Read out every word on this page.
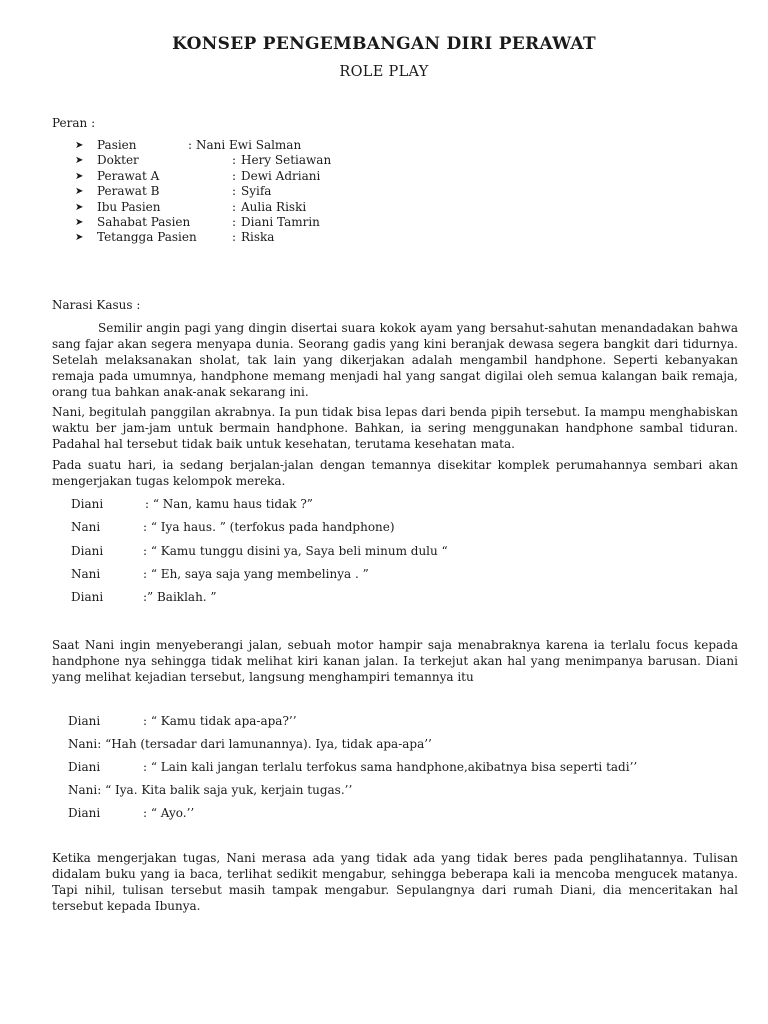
KONSEP PENGEMBANGAN DIRI PERAWAT
ROLE PLAY
Peran :
➤ Pasien	: Nani Ewi Salman
➤ Dokter	: Hery Setiawan
➤ Perawat A	: Dewi Adriani
➤ Perawat B	: Syifa
➤ Ibu Pasien	: Aulia Riski
➤ Sahabat Pasien	: Diani Tamrin
➤ Tetangga Pasien	: Riska
Narasi Kasus :

Semilir angin pagi yang dingin disertai suara kokok ayam yang bersahut-sahutan menandadakan bahwa sang fajar akan segera menyapa dunia. Seorang gadis yang kini beranjak dewasa segera bangkit dari tidurnya. Setelah melaksanakan sholat, tak lain yang dikerjakan adalah mengambil handphone. Seperti kebanyakan remaja pada umumnya, handphone memang menjadi hal yang sangat digilai oleh semua kalangan baik remaja, orang tua bahkan anak-anak sekarang ini.

Nani, begitulah panggilan akrabnya. Ia pun tidak bisa lepas dari benda pipih tersebut. Ia mampu menghabiskan waktu ber jam-jam untuk bermain handphone. Bahkan, ia sering menggunakan handphone sambal tiduran. Padahal hal tersebut tidak baik untuk kesehatan, terutama kesehatan mata.

Pada suatu hari, ia sedang berjalan-jalan dengan temannya disekitar komplek perumahannya sembari akan mengerjakan tugas kelompok mereka.

Diani	: “ Nan, kamu haus tidak ?”
Nani	: “ Iya haus. ” (terfokus pada handphone)
Diani	: “ Kamu tunggu disini ya, Saya beli minum dulu “
Nani	: “ Eh, saya saja yang membelinya . ”
Diani	:” Baiklah. ”

Saat Nani ingin menyeberangi jalan, sebuah motor hampir saja menabraknya karena ia terlalu focus kepada handphone nya sehingga tidak melihat kiri kanan jalan. Ia terkejut akan hal yang menimpanya barusan. Diani yang melihat kejadian tersebut, langsung menghampiri temannya itu

Diani	: “ Kamu tidak apa-apa?’’
Nani: “Hah (tersadar dari lamunannya). Iya, tidak apa-apa’’
Diani	: “ Lain kali jangan terlalu terfokus sama handphone,akibatnya bisa seperti tadi’’
Nani: “ Iya. Kita balik saja yuk, kerjain tugas.’’
Diani	: “ Ayo.’’

Ketika mengerjakan tugas, Nani merasa ada yang tidak ada yang tidak beres pada penglihatannya. Tulisan didalam buku yang ia baca, terlihat sedikit mengabur, sehingga beberapa kali ia mencoba mengucek matanya. Tapi nihil, tulisan tersebut masih tampak mengabur. Sepulangnya dari rumah Diani, dia menceritakan hal tersebut kepada Ibunya.
